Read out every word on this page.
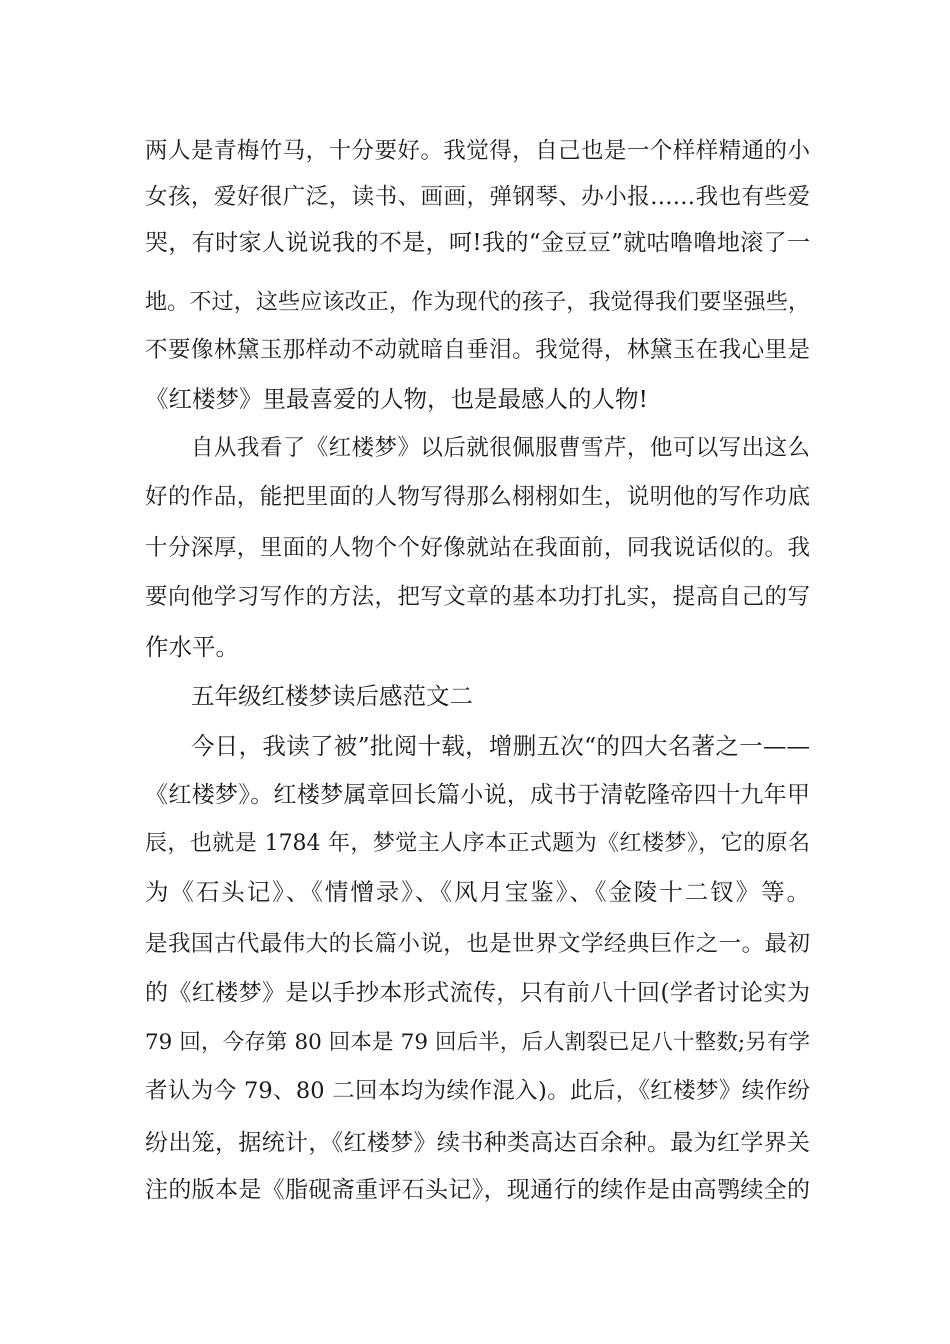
两人是青梅竹马，十分要好。我觉得，自己也是一个样样精通的小
女孩，爱好很广泛，读书、画画，弹钢琴、办小报……我也有些爱
哭，有时家人说说我的不是，呵!我的“金豆豆”就咕噜噜地滚了一
地。不过，这些应该改正，作为现代的孩子，我觉得我们要坚强些，
不要像林黛玉那样动不动就暗自垂泪。我觉得，林黛玉在我心里是
《红楼梦》里最喜爱的人物，也是最感人的人物!
自从我看了《红楼梦》以后就很佩服曹雪芹，他可以写出这么
好的作品，能把里面的人物写得那么栩栩如生，说明他的写作功底
十分深厚，里面的人物个个好像就站在我面前，同我说话似的。我
要向他学习写作的方法，把写文章的基本功打扎实，提高自己的写
作水平。
五年级红楼梦读后感范文二
今日，我读了被”批阅十载，增删五次“的四大名著之一——
《红楼梦》。红楼梦属章回长篇小说，成书于清乾隆帝四十九年甲
辰，也就是 1784 年，梦觉主人序本正式题为《红楼梦》，它的原名
为《石头记》、《情憎录》、《风月宝鉴》、《金陵十二钗》等。
是我国古代最伟大的长篇小说，也是世界文学经典巨作之一。最初
的《红楼梦》是以手抄本形式流传，只有前八十回(学者讨论实为
79 回，今存第 80 回本是 79 回后半，后人割裂已足八十整数;另有学
者认为今 79、80 二回本均为续作混入)。此后，《红楼梦》续作纷
纷出笼，据统计，《红楼梦》续书种类高达百余种。最为红学界关
注的版本是《脂砚斋重评石头记》，现通行的续作是由高鹗续全的
